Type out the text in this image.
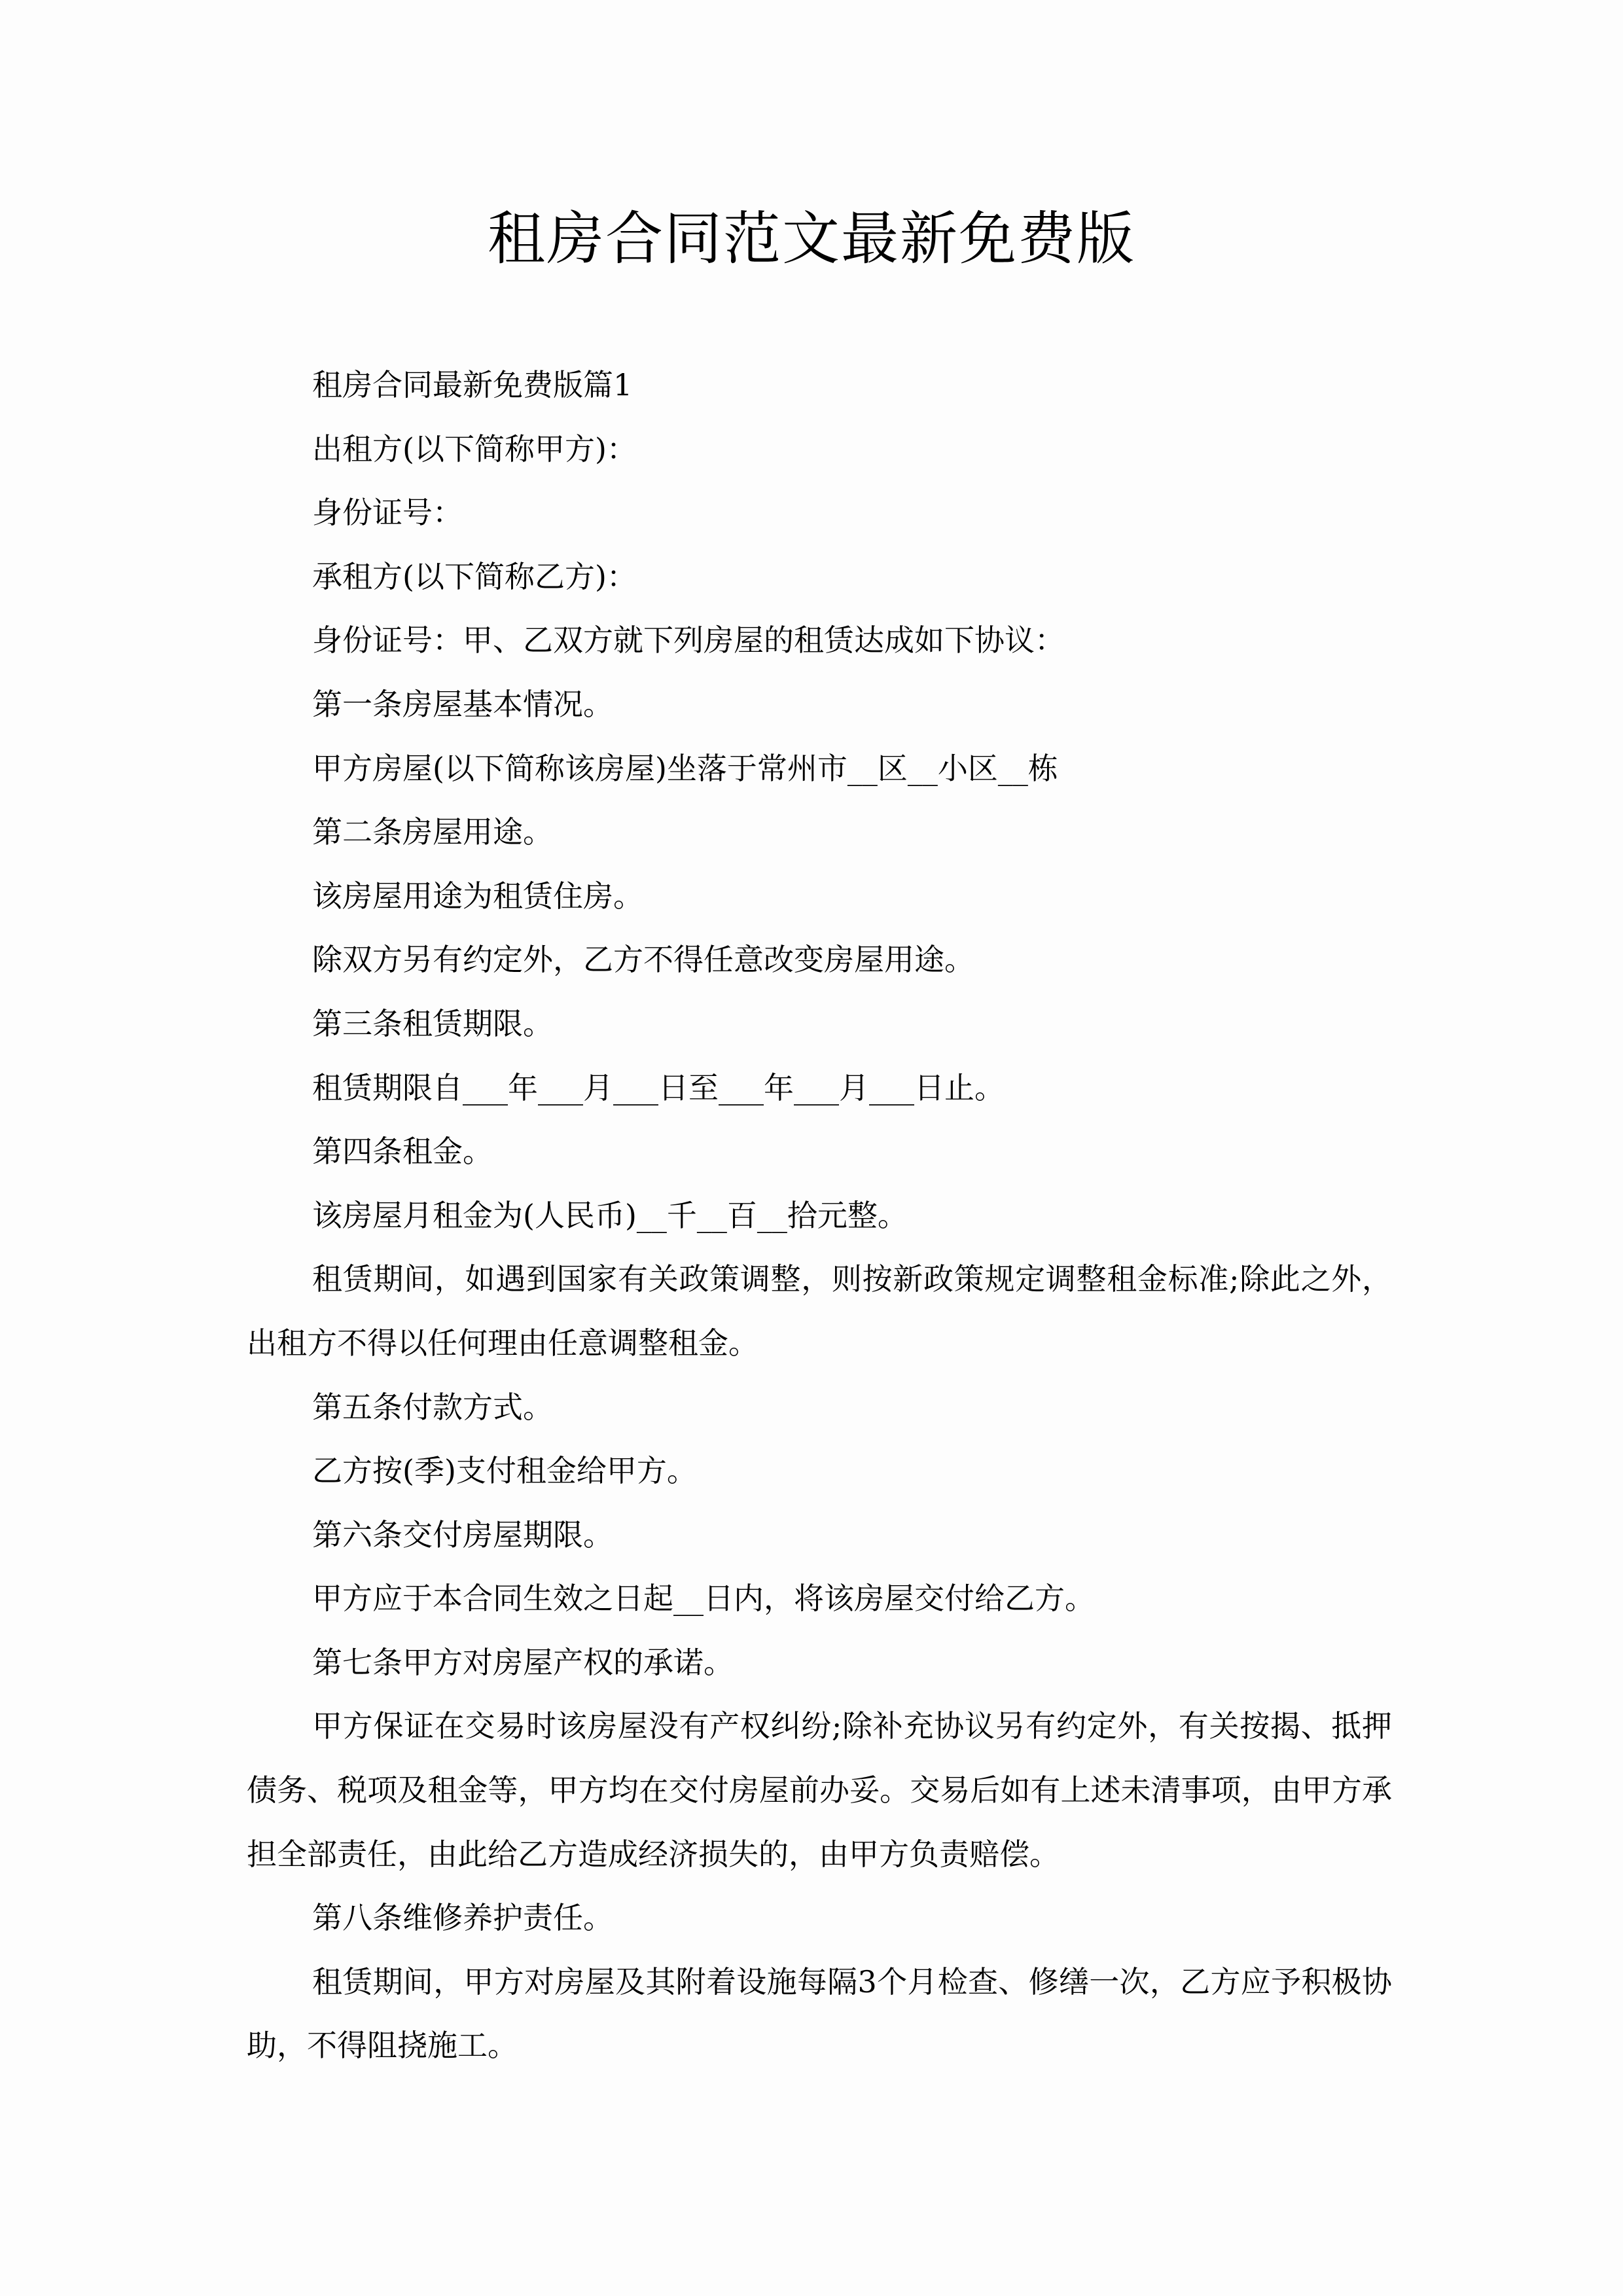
租房合同范文最新免费版

租房合同最新免费版篇1

出租方(以下简称甲方)：

身份证号：

承租方(以下简称乙方)：

身份证号：甲、乙双方就下列房屋的租赁达成如下协议：

第一条房屋基本情况。

甲方房屋(以下简称该房屋)坐落于常州市__区__小区__栋

第二条房屋用途。

该房屋用途为租赁住房。

除双方另有约定外，乙方不得任意改变房屋用途。

第三条租赁期限。

租赁期限自___年___月___日至___年___月___日止。

第四条租金。

该房屋月租金为(人民币)__千__百__拾元整。

租赁期间，如遇到国家有关政策调整，则按新政策规定调整租金标准;除此之外，出租方不得以任何理由任意调整租金。

第五条付款方式。

乙方按(季)支付租金给甲方。

第六条交付房屋期限。

甲方应于本合同生效之日起__日内，将该房屋交付给乙方。

第七条甲方对房屋产权的承诺。

甲方保证在交易时该房屋没有产权纠纷;除补充协议另有约定外，有关按揭、抵押债务、税项及租金等，甲方均在交付房屋前办妥。交易后如有上述未清事项，由甲方承担全部责任，由此给乙方造成经济损失的，由甲方负责赔偿。

第八条维修养护责任。

租赁期间，甲方对房屋及其附着设施每隔3个月检查、修缮一次，乙方应予积极协助，不得阻挠施工。
